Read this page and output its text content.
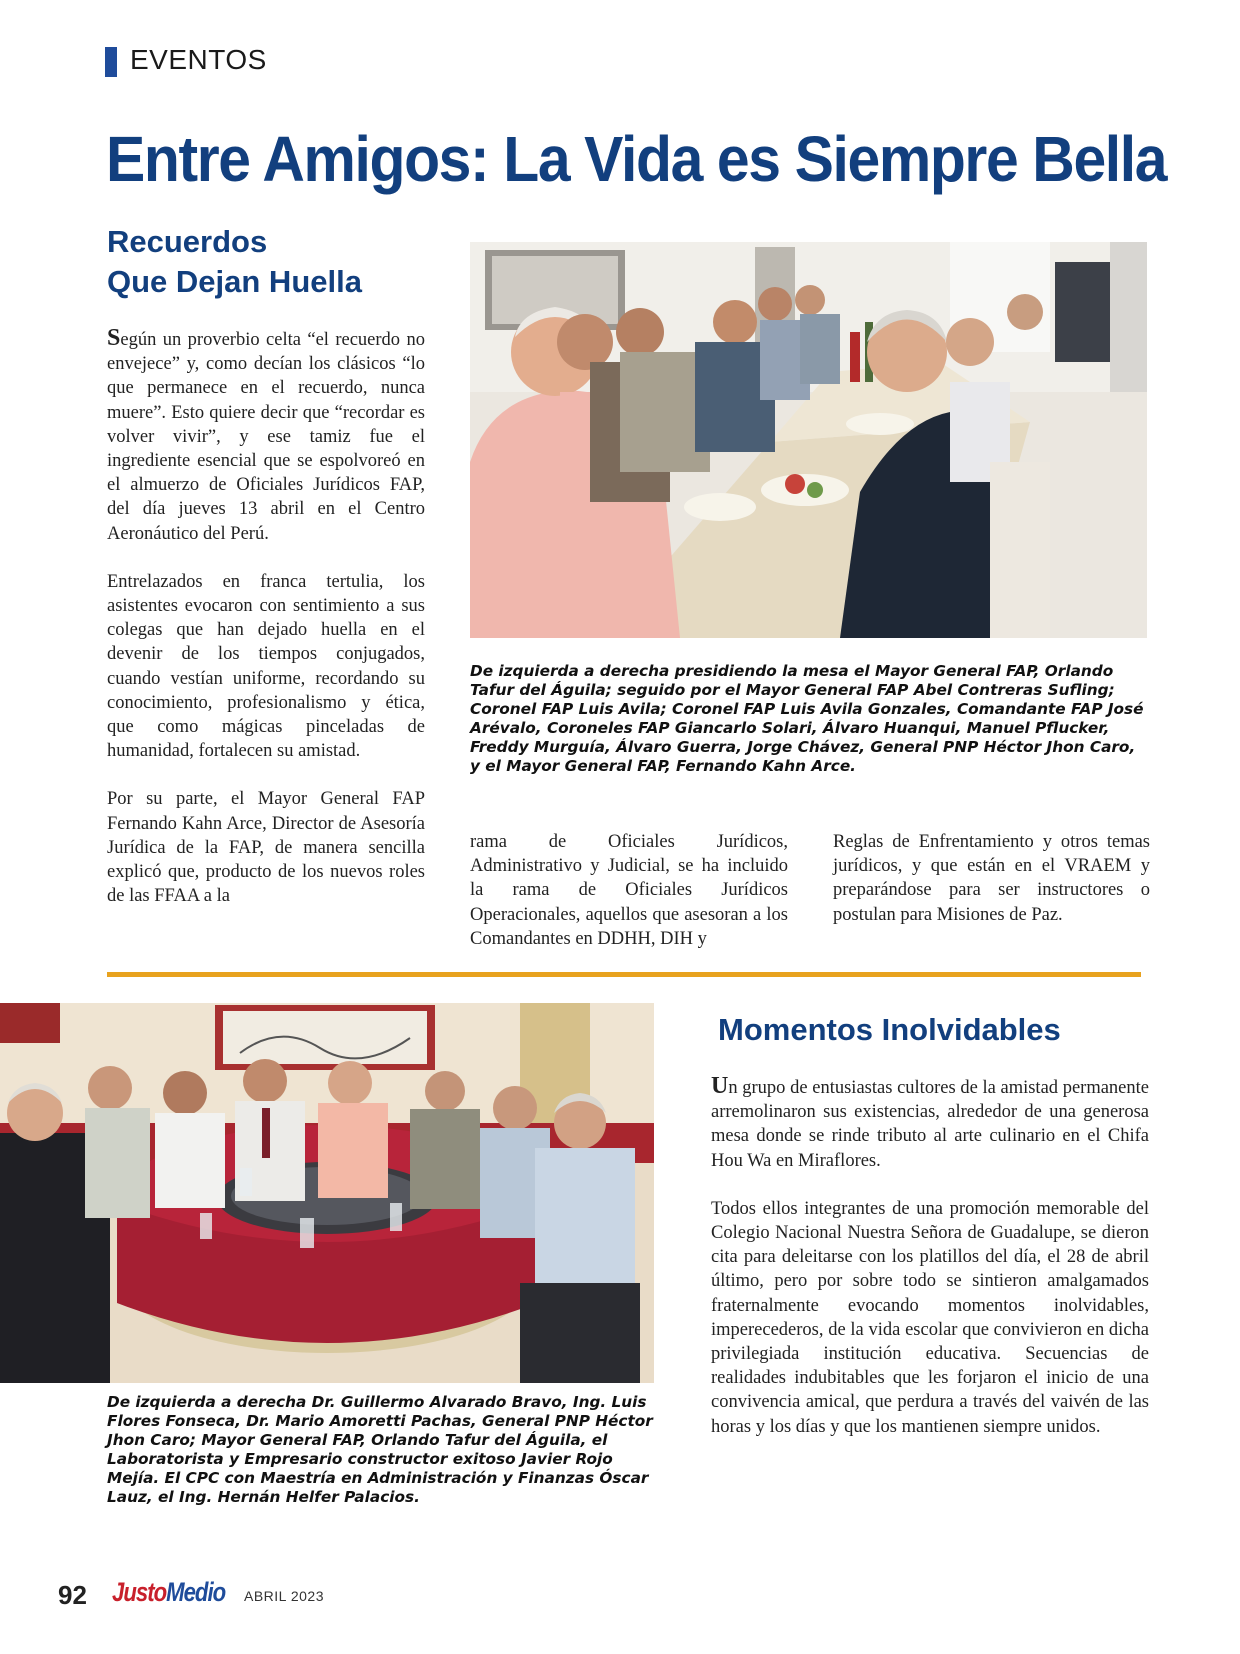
EVENTOS
Entre Amigos: La Vida es Siempre Bella
Recuerdos
Que Dejan Huella

Según un proverbio celta “el recuerdo no envejece” y, como decían los clásicos “lo que permanece en el recuerdo, nunca muere”. Esto quiere decir que “recordar es volver vivir”, y ese tamiz fue el ingrediente esencial que se espolvoreó en el almuerzo de Oficiales Jurídicos FAP, del día jueves 13 abril en el Centro Aeronáutico del Perú.

Entrelazados en franca tertulia, los asistentes evocaron con sentimiento a sus colegas que han dejado huella en el devenir de los tiempos conjugados, cuando vestían uniforme, recordando su conocimiento, profesionalismo y ética, que como mágicas pinceladas de humanidad, fortalecen su amistad.

Por su parte, el Mayor General FAP Fernando Kahn Arce, Director de Asesoría Jurídica de la FAP, de manera sencilla explicó que, producto de los nuevos roles de las FFAA a la

De izquierda a derecha presidiendo la mesa el Mayor General FAP, Orlando Tafur del Águila; seguido por el Mayor General FAP Abel Contreras Sufling; Coronel FAP Luis Avila; Coronel FAP Luis Avila Gonzales, Comandante FAP José Arévalo, Coroneles FAP Giancarlo Solari, Álvaro Huanqui, Manuel Pflucker, Freddy Murguía, Álvaro Guerra, Jorge Chávez, General PNP Héctor Jhon Caro, y el Mayor General FAP, Fernando Kahn Arce.

rama de Oficiales Jurídicos, Administrativo y Judicial, se ha incluido la rama de Oficiales Jurídicos Operacionales, aquellos que asesoran a los Comandantes en DDHH, DIH y

Reglas de Enfrentamiento y otros temas jurídicos, y que están en el VRAEM y preparándose para ser instructores o postulan para Misiones de Paz.

De izquierda a derecha Dr. Guillermo Alvarado Bravo, Ing. Luis Flores Fonseca, Dr. Mario Amoretti Pachas, General PNP Héctor Jhon Caro; Mayor General FAP, Orlando Tafur del Águila, el Laboratorista y Empresario constructor exitoso Javier Rojo Mejía. El CPC con Maestría en Administración y Finanzas Óscar Lauz, el Ing. Hernán Helfer Palacios.

Momentos Inolvidables

Un grupo de entusiastas cultores de la amistad permanente arremolinaron sus existencias, alrededor de una generosa mesa donde se rinde tributo al arte culinario en el Chifa Hou Wa en Miraflores.

Todos ellos integrantes de una promoción memorable del Colegio Nacional Nuestra Señora de Guadalupe, se dieron cita para deleitarse con los platillos del día, el 28 de abril último, pero por sobre todo se sintieron amalgamados fraternalmente evocando momentos inolvidables, imperecederos, de la vida escolar que convivieron en dicha privilegiada institución educativa. Secuencias de realidades indubitables que les forjaron el inicio de una convivencia amical, que perdura a través del vaivén de las horas y los días y que los mantienen siempre unidos.

92 JustoMedio ABRIL 2023
